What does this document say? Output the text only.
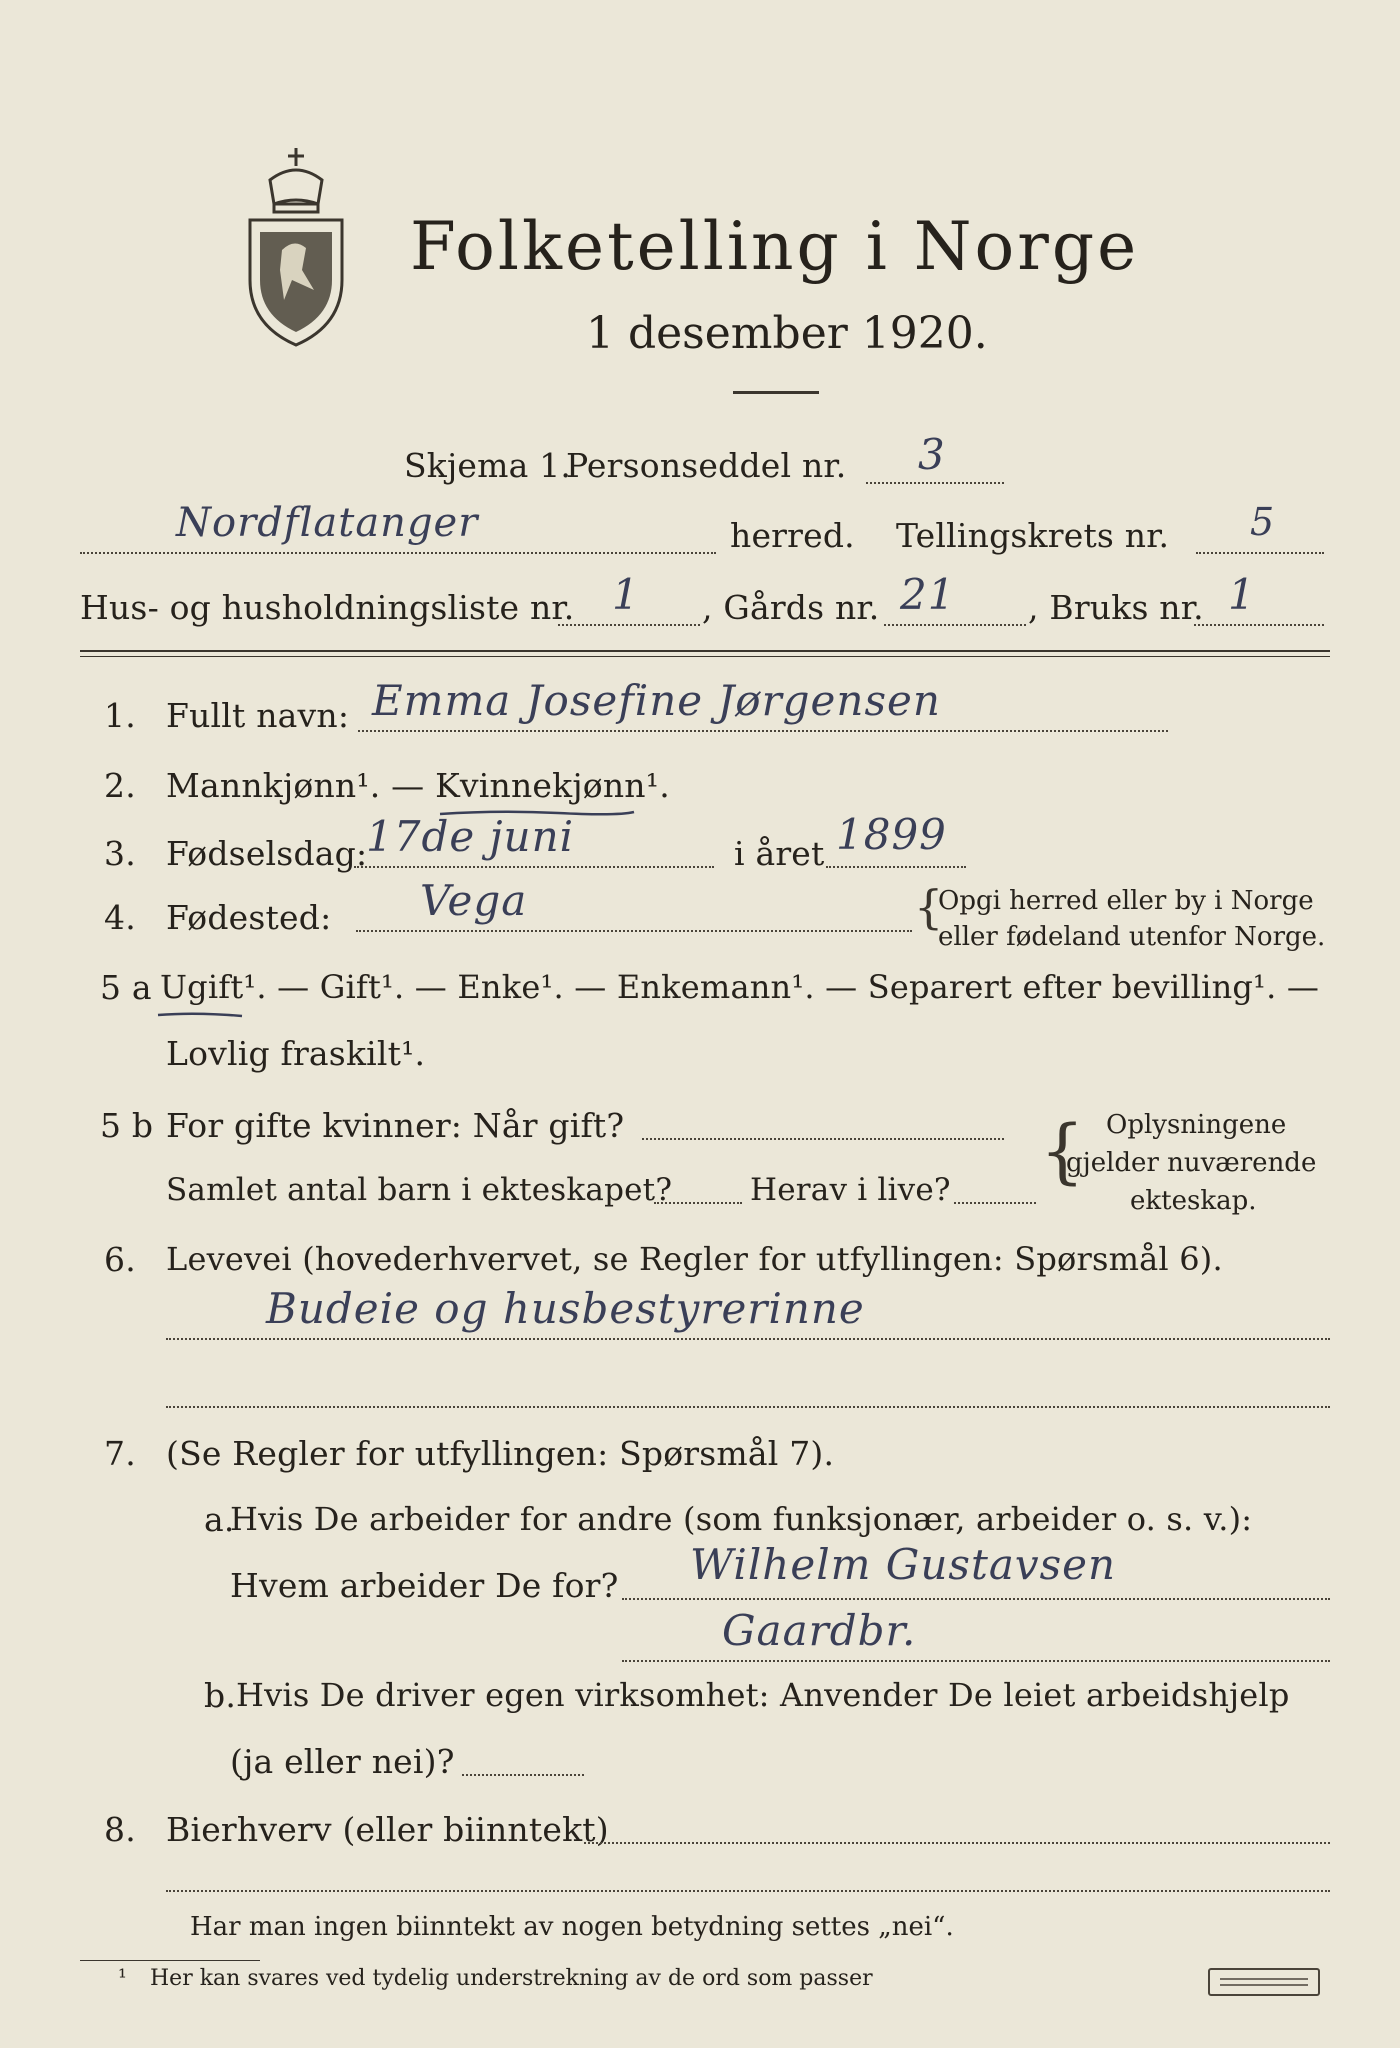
Folketelling i Norge
1 desember 1920.
Skjema 1.
Personseddel nr. 3
Nordflatanger	herred. Tellingskrets nr. 5
Hus- og husholdningsliste nr. 1 , Gårds nr. 21 , Bruks nr. 1
1. Fullt navn: Emma Josefine Jørgensen
2. Mannkjønn¹. — Kvinnekjønn¹.
3. Fødselsdag:
17de juni	i året 1899
4. Fødested: Vega	{
Opgi herred eller by i Norge
eller fødeland utenfor Norge.
5 a Ugift¹. — Gift¹. — Enke¹. — Enkemann¹. — Separert efter bevilling¹. —
Lovlig fraskilt¹.
5 b For gifte kvinner: Når gift?
Samlet antal barn i ekteskapet?	Herav i live? { Oplysningene
gjelder nuværende
ekteskap.
6. Levevei (hovederhvervet, se Regler for utfyllingen: Spørsmål 6).
Budeie og husbestyrerinne
7. (Se Regler for utfyllingen: Spørsmål 7).
a.
Hvis De arbeider for andre (som funksjonær, arbeider o. s. v.):
Hvem arbeider De for? Wilhelm Gustavsen
Gaardbr.
b. Hvis De driver egen virksomhet: Anvender De leiet arbeidshjelp
(ja eller nei)?
8. Bierhverv (eller biinntekt)
Har man ingen biinntekt av nogen betydning settes „nei“.
¹ Her kan svares ved tydelig understrekning av de ord som passer
